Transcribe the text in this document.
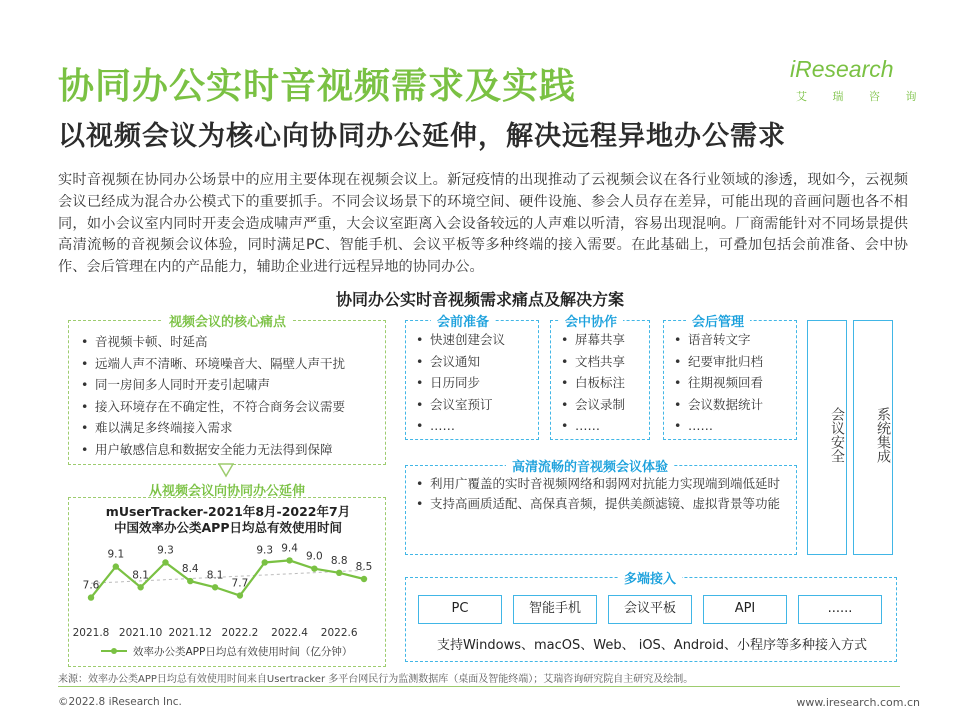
协同办公实时音视频需求及实践
以视频会议为核心向协同办公延伸，解决远程异地办公需求
iResearch
艾 瑞 咨 询
实时音视频在协同办公场景中的应用主要体现在视频会议上。新冠疫情的出现推动了云视频会议在各行业领域的渗透，现如今，云视频会议已经成为混合办公模式下的重要抓手。不同会议场景下的环境空间、硬件设施、参会人员存在差异，可能出现的音画问题也各不相同，如小会议室内同时开麦会造成啸声严重，大会议室距离入会设备较远的人声难以听清，容易出现混响。厂商需能针对不同场景提供高清流畅的音视频会议体验，同时满足PC、智能手机、会议平板等多种终端的接入需要。在此基础上，可叠加包括会前准备、会中协作、会后管理在内的产品能力，辅助企业进行远程异地的协同办公。
协同办公实时音视频需求痛点及解决方案
视频会议的核心痛点
• 音视频卡顿、时延高
• 远端人声不清晰、环境噪音大、隔壁人声干扰
• 同一房间多人同时开麦引起啸声
• 接入环境存在不确定性，不符合商务会议需要
• 难以满足多终端接入需求
• 用户敏感信息和数据安全能力无法得到保障
从视频会议向协同办公延伸
mUserTracker-2021年8月-2022年7月
中国效率办公类APP日均总有效使用时间
7.6
9.1
8.1
9.3
8.4
8.1
7.7
9.3 9.4
9.0 8.8
8.5
2021.8 2021.10 2021.12 2022.2 2022.4 2022.6
效率办公类APP日均总有效使用时间（亿分钟）
会前准备
• 快速创建会议
• 会议通知
• 日历同步
• 会议室预订
• ……
会中协作
• 屏幕共享
• 文档共享
• 白板标注
• 会议录制
• ……
会后管理
• 语音转文字
• 纪要审批归档
• 往期视频回看
• 会议数据统计
• ……	会议安全	系统集成
高清流畅的音视频会议体验
• 利用广覆盖的实时音视频网络和弱网对抗能力实现端到端低延时
• 支持高画质适配、高保真音频，提供美颜滤镜、虚拟背景等功能
多端接入
PC	智能手机	会议平板	API	......
支持Windows、macOS、Web、 iOS、Android、小程序等多种接入方式
来源：效率办公类APP日均总有效使用时间来自Usertracker 多平台网民行为监测数据库（桌面及智能终端）；艾瑞咨询研究院自主研究及绘制。
©2022.8 iResearch Inc.	www.iresearch.com.cn
